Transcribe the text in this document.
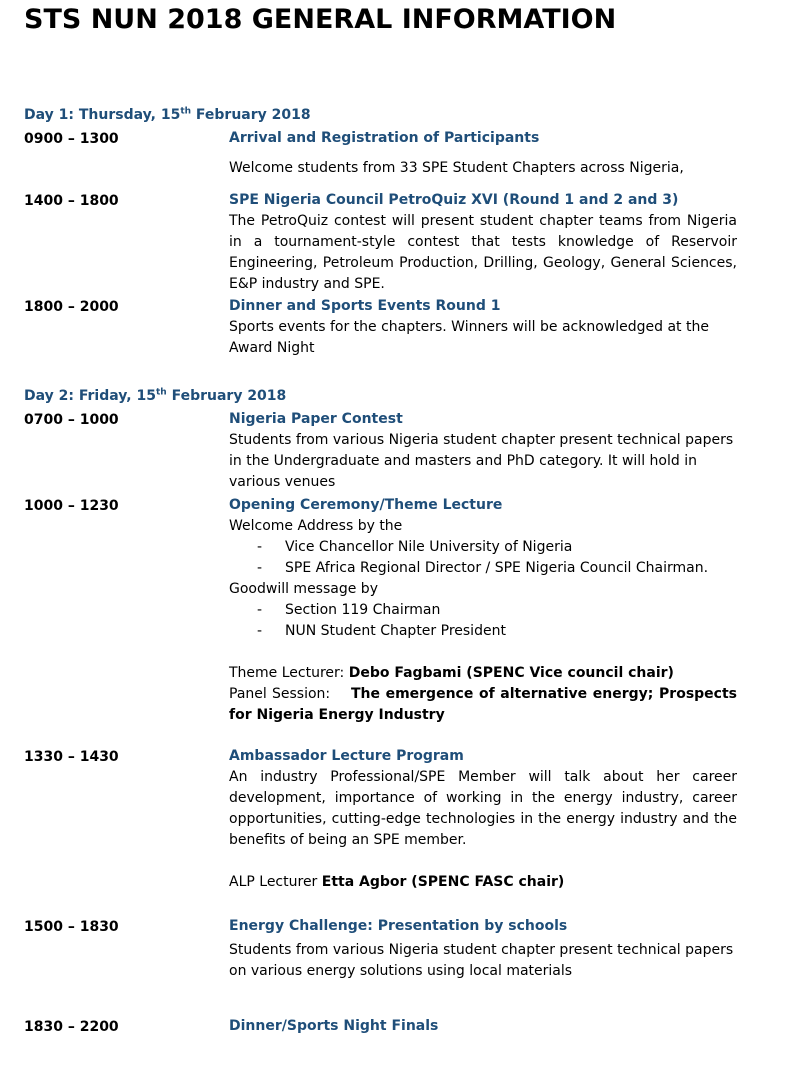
STS NUN 2018 GENERAL INFORMATION
Day 1: Thursday, 15th February 2018
0900 – 1300	Arrival and Registration of Participants
Welcome students from 33 SPE Student Chapters across Nigeria,
1400 – 1800	SPE Nigeria Council PetroQuiz XVI (Round 1 and 2 and 3)
The PetroQuiz contest will present student chapter teams from Nigeria in a tournament-style contest that tests knowledge of Reservoir Engineering, Petroleum Production, Drilling, Geology, General Sciences, E&P industry and SPE.
1800 – 2000	Dinner and Sports Events Round 1
Sports events for the chapters. Winners will be acknowledged at the Award Night
Day 2: Friday, 15th February 2018
0700 – 1000	Nigeria Paper Contest
Students from various Nigeria student chapter present technical papers in the Undergraduate and masters and PhD category. It will hold in various venues
1000 – 1230	Opening Ceremony/Theme Lecture
Welcome Address by the
- Vice Chancellor Nile University of Nigeria
- SPE Africa Regional Director / SPE Nigeria Council Chairman.
Goodwill message by
- Section 119 Chairman
- NUN Student Chapter President
Theme Lecturer: Debo Fagbami (SPENC Vice council chair)
Panel Session:    The emergence of alternative energy; Prospects for Nigeria Energy Industry
1330 – 1430	Ambassador Lecture Program
An industry Professional/SPE Member will talk about her career development, importance of working in the energy industry, career opportunities, cutting-edge technologies in the energy industry and the benefits of being an SPE member.
ALP Lecturer Etta Agbor (SPENC FASC chair)
1500 – 1830	Energy Challenge: Presentation by schools
Students from various Nigeria student chapter present technical papers on various energy solutions using local materials
1830 – 2200	Dinner/Sports Night Finals
